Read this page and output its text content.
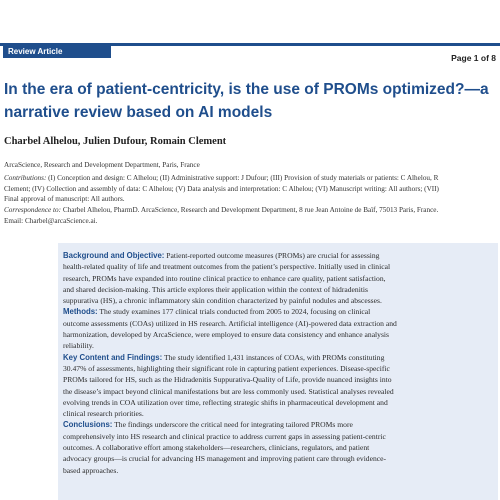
Review Article
Page 1 of 8
In the era of patient-centricity, is the use of PROMs optimized?—a
narrative review based on AI models
Charbel Alhelou, Julien Dufour, Romain Clement
ArcaScience, Research and Development Department, Paris, France
Contributions: (I) Conception and design: C Alhelou; (II) Administrative support: J Dufour; (III) Provision of study materials or patients: C Alhelou, R
Clement; (IV) Collection and assembly of data: C Alhelou; (V) Data analysis and interpretation: C Alhelou; (VI) Manuscript writing: All authors; (VII)
Final approval of manuscript: All authors.
Correspondence to: Charbel Alhelou, PharmD. ArcaScience, Research and Development Department, 8 rue Jean Antoine de Baïf, 75013 Paris, France.
Email: Charbel@arcaScience.ai.
Background and Objective: Patient-reported outcome measures (PROMs) are crucial for assessing
health-related quality of life and treatment outcomes from the patient’s perspective. Initially used in clinical
research, PROMs have expanded into routine clinical practice to enhance care quality, patient satisfaction,
and shared decision-making. This article explores their application within the context of hidradenitis
suppurativa (HS), a chronic inflammatory skin condition characterized by painful nodules and abscesses.
Methods: The study examines 177 clinical trials conducted from 2005 to 2024, focusing on clinical
outcome assessments (COAs) utilized in HS research. Artificial intelligence (AI)-powered data extraction and
harmonization, developed by ArcaScience, were employed to ensure data consistency and enhance analysis
reliability.
Key Content and Findings: The study identified 1,431 instances of COAs, with PROMs constituting
30.47% of assessments, highlighting their significant role in capturing patient experiences. Disease-specific
PROMs tailored for HS, such as the Hidradenitis Suppurativa-Quality of Life, provide nuanced insights into
the disease’s impact beyond clinical manifestations but are less commonly used. Statistical analyses revealed
evolving trends in COA utilization over time, reflecting strategic shifts in pharmaceutical development and
clinical research priorities.
Conclusions: The findings underscore the critical need for integrating tailored PROMs more
comprehensively into HS research and clinical practice to address current gaps in assessing patient-centric
outcomes. A collaborative effort among stakeholders—researchers, clinicians, regulators, and patient
advocacy groups—is crucial for advancing HS management and improving patient care through evidence-
based approaches.
